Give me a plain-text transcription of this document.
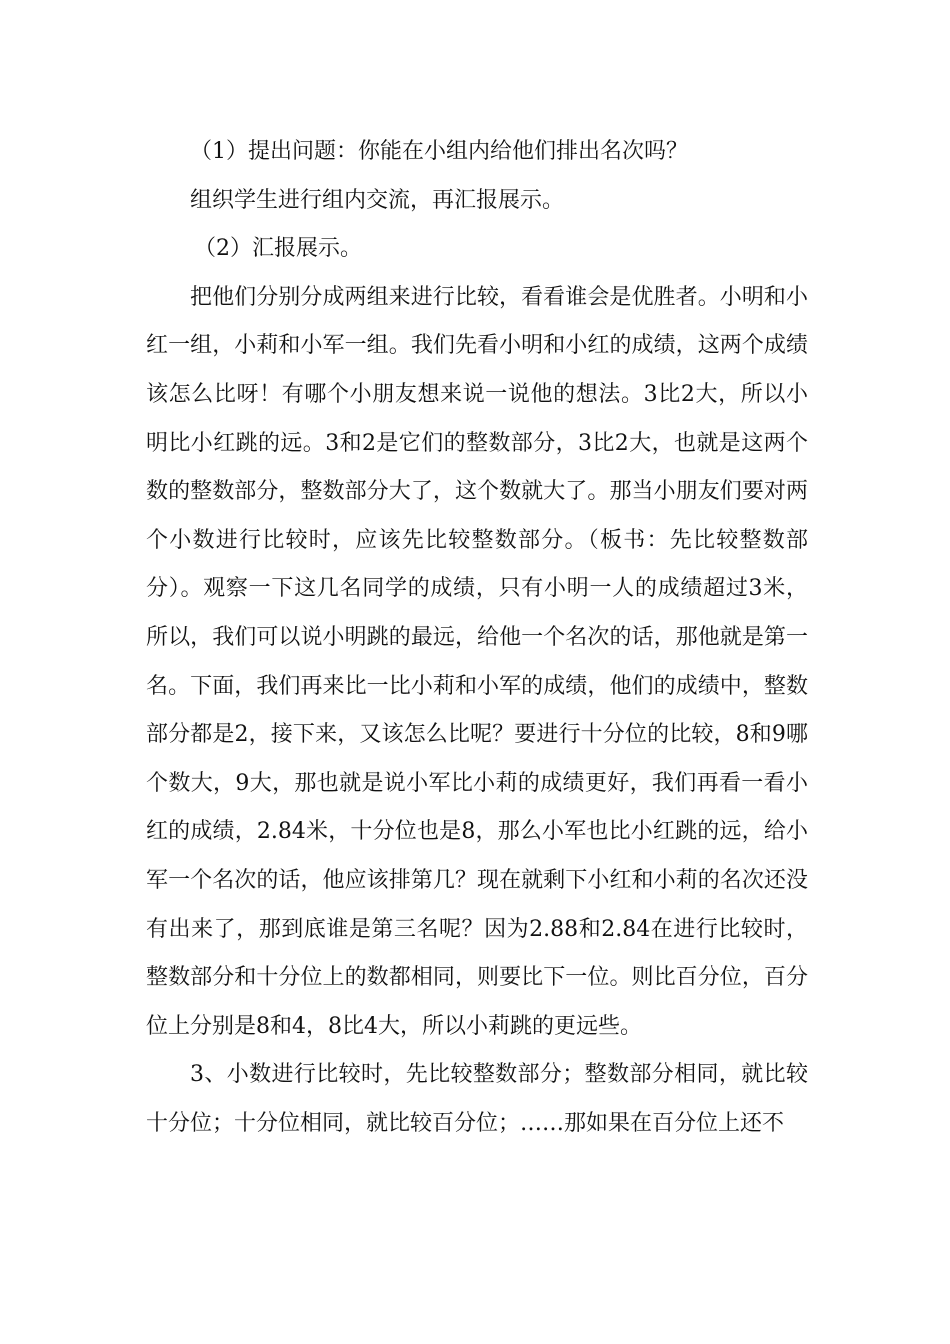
（1）提出问题：你能在小组内给他们排出名次吗？

组织学生进行组内交流，再汇报展示。

（2）汇报展示。

把他们分别分成两组来进行比较，看看谁会是优胜者。小明和小红一组，小莉和小军一组。我们先看小明和小红的成绩，这两个成绩该怎么比呀！有哪个小朋友想来说一说他的想法。3比2大，所以小明比小红跳的远。3和2是它们的整数部分，3比2大，也就是这两个数的整数部分，整数部分大了，这个数就大了。那当小朋友们要对两个小数进行比较时，应该先比较整数部分。（板书：先比较整数部分）。观察一下这几名同学的成绩，只有小明一人的成绩超过3米，所以，我们可以说小明跳的最远，给他一个名次的话，那他就是第一名。下面，我们再来比一比小莉和小军的成绩，他们的成绩中，整数部分都是2，接下来，又该怎么比呢？要进行十分位的比较，8和9哪个数大，9大，那也就是说小军比小莉的成绩更好，我们再看一看小红的成绩，2.84米，十分位也是8，那么小军也比小红跳的远，给小军一个名次的话，他应该排第几？现在就剩下小红和小莉的名次还没有出来了，那到底谁是第三名呢？因为2.88和2.84在进行比较时，整数部分和十分位上的数都相同，则要比下一位。则比百分位，百分位上分别是8和4，8比4大，所以小莉跳的更远些。

3、小数进行比较时，先比较整数部分；整数部分相同，就比较十分位；十分位相同，就比较百分位；……那如果在百分位上还不
